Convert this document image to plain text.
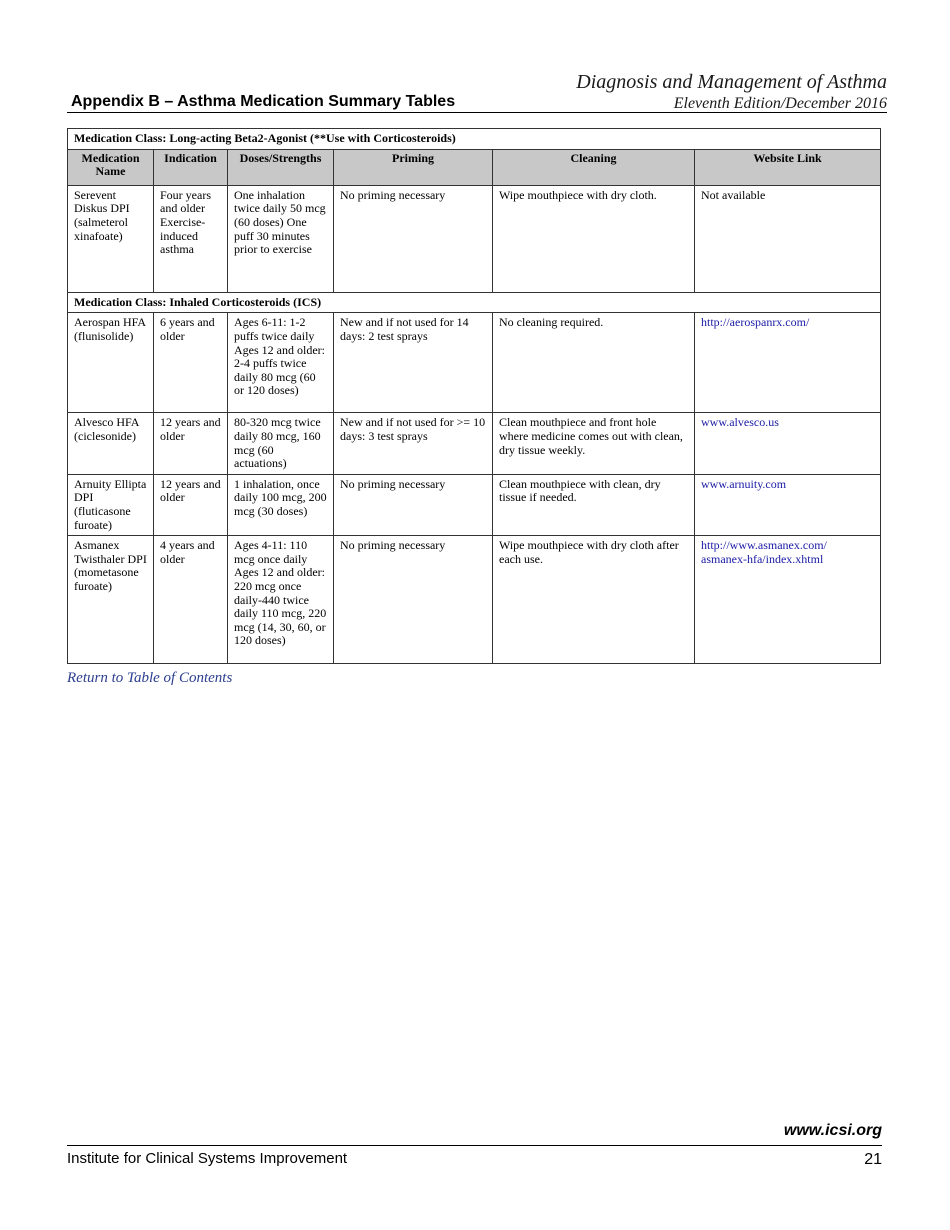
Diagnosis and Management of Asthma
Eleventh Edition/December 2016
Appendix B – Asthma Medication Summary Tables
Medication Class: Long-acting Beta2-Agonist (**Use with Corticosteroids)					
Medication Name	Indication	Doses/Strengths	Priming	Cleaning	Website Link
Serevent Diskus DPI (salmeterol xinafoate)	Four years and older Exercise-induced asthma	One inhalation twice daily 50 mcg (60 doses) One puff 30 minutes prior to exercise	No priming necessary	Wipe mouthpiece with dry cloth.	Not available
Medication Class: Inhaled Corticosteroids (ICS)					
Aerospan HFA (flunisolide)	6 years and older	Ages 6-11: 1-2 puffs twice daily Ages 12 and older: 2-4 puffs twice daily 80 mcg (60 or 120 doses)	New and if not used for 14 days: 2 test sprays	No cleaning required.	http://aerospanrx.com/
Alvesco HFA (ciclesonide)	12 years and older	80-320 mcg twice daily 80 mcg, 160 mcg (60 actuations)	New and if not used for >= 10 days: 3 test sprays	Clean mouthpiece and front hole where medicine comes out with clean, dry tissue weekly.	www.alvesco.us
Arnuity Ellipta DPI (fluticasone furoate)	12 years and older	1 inhalation, once daily 100 mcg, 200 mcg (30 doses)	No priming necessary	Clean mouthpiece with clean, dry tissue if needed.	www.arnuity.com
Asmanex Twisthaler DPI (mometasone furoate)	4 years and older	Ages 4-11: 110 mcg once daily Ages 12 and older: 220 mcg once daily-440 twice daily 110 mcg, 220 mcg (14, 30, 60, or 120 doses)	No priming necessary	Wipe mouthpiece with dry cloth after each use.	http://www.asmanex.com/
asmanex-hfa/index.xhtml
Return to Table of Contents
www.icsi.org
Institute for Clinical Systems Improvement	21
